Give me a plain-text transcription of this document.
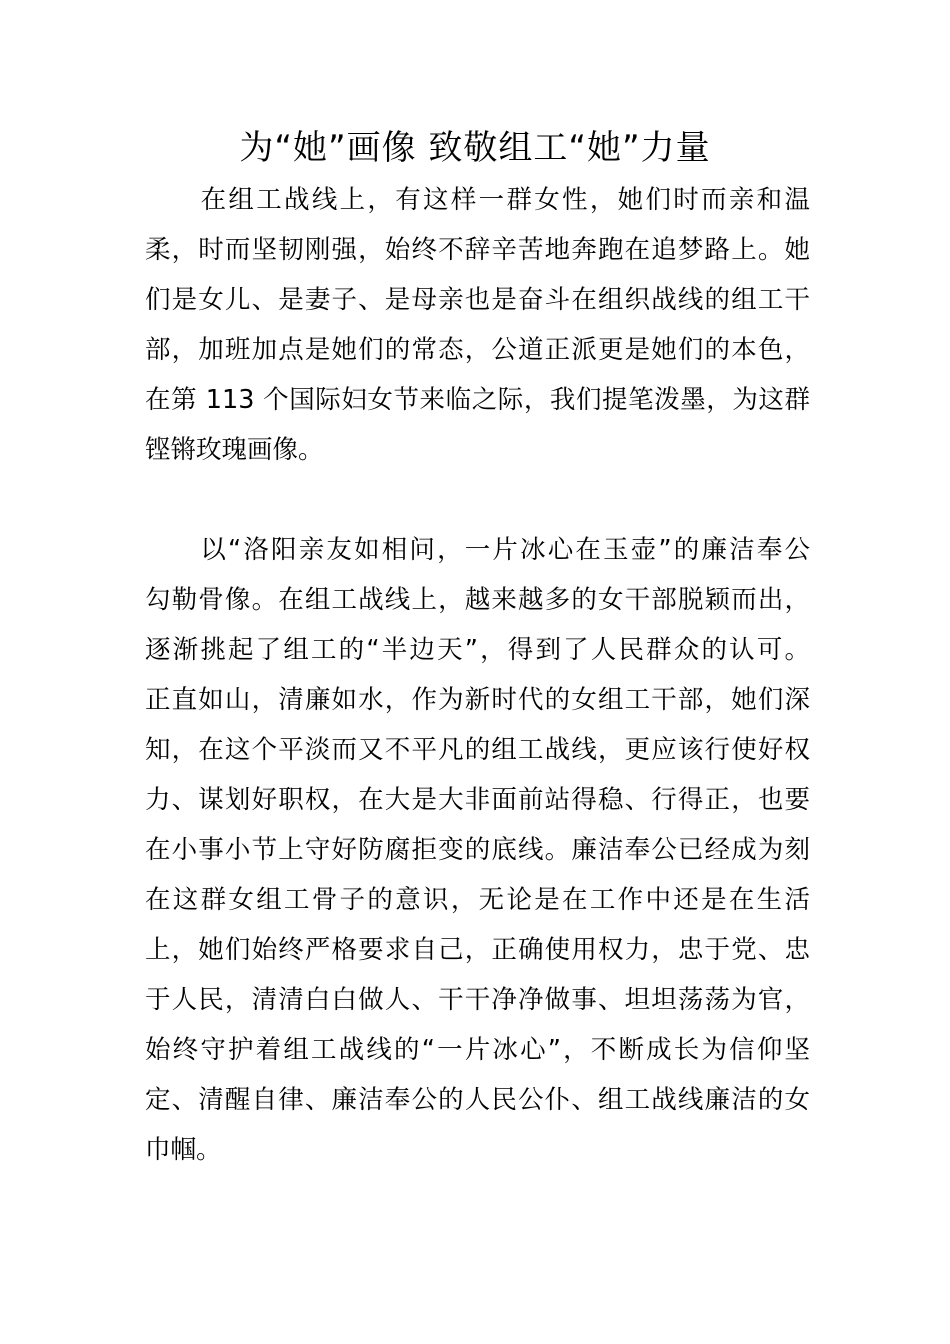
为“她”画像 致敬组工“她”力量
　　在组工战线上，有这样一群女性，她们时而亲和温
柔，时而坚韧刚强，始终不辞辛苦地奔跑在追梦路上。她
们是女儿、是妻子、是母亲也是奋斗在组织战线的组工干
部，加班加点是她们的常态，公道正派更是她们的本色，
在第 113 个国际妇女节来临之际，我们提笔泼墨，为这群
铿锵玫瑰画像。
　　以“洛阳亲友如相问，一片冰心在玉壶”的廉洁奉公
勾勒骨像。在组工战线上，越来越多的女干部脱颖而出，
逐渐挑起了组工的“半边天”，得到了人民群众的认可。
正直如山，清廉如水，作为新时代的女组工干部，她们深
知，在这个平淡而又不平凡的组工战线，更应该行使好权
力、谋划好职权，在大是大非面前站得稳、行得正，也要
在小事小节上守好防腐拒变的底线。廉洁奉公已经成为刻
在这群女组工骨子的意识，无论是在工作中还是在生活
上，她们始终严格要求自己，正确使用权力，忠于党、忠
于人民，清清白白做人、干干净净做事、坦坦荡荡为官，
始终守护着组工战线的“一片冰心”，不断成长为信仰坚
定、清醒自律、廉洁奉公的人民公仆、组工战线廉洁的女
巾帼。
